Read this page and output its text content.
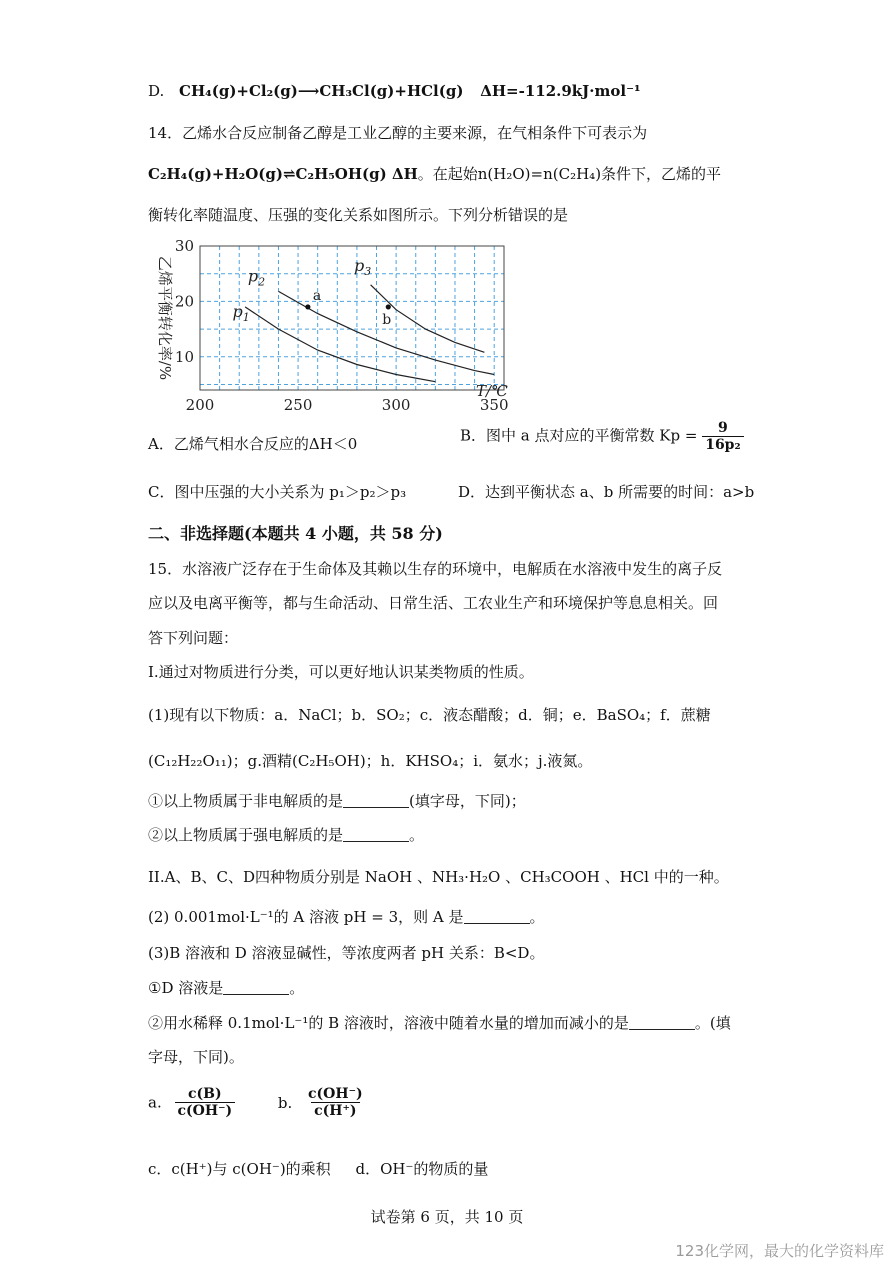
D. CH₄(g)+Cl₂(g)⟶CH₃Cl(g)+HCl(g) ΔH=-112.9kJ·mol⁻¹
14．乙烯水合反应制备乙醇是工业乙醇的主要来源，在气相条件下可表示为
C₂H₄(g)+H₂O(g)⇌C₂H₅OH(g) ΔH。在起始n(H₂O)=n(C₂H₄)条件下，乙烯的平
衡转化率随温度、压强的变化关系如图所示。下列分析错误的是
$p_1$
$p_2$
$p_3$
a
b
200	250	300	350
10
20
30
乙烯平衡转化率/%
T/℃
A．乙烯气相水合反应的ΔH＜0	B．图中 a 点对应的平衡常数 $Kp = \frac{9}{\text{16p₂}}$
C．图中压强的大小关系为 p₁＞p₂＞p₃	D．达到平衡状态 a、b 所需要的时间：a>b
二、非选择题(本题共 4 小题，共 58 分)
15．水溶液广泛存在于生命体及其赖以生存的环境中，电解质在水溶液中发生的离子反
应以及电离平衡等，都与生命活动、日常生活、工农业生产和环境保护等息息相关。回
答下列问题：
I.通过对物质进行分类，可以更好地认识某类物质的性质。
(1)现有以下物质：a．NaCl；b．SO₂；c．液态醋酸；d．铜；e．BaSO₄；f．蔗糖
(C₁₂H₂₂O₁₁)；g.酒精(C₂H₅OH)；h．KHSO₄；i．氨水；j.液氮。
①以上物质属于非电解质的是	(填字母，下同)；
②以上物质属于强电解质的是	。
II.A、B、C、D四种物质分别是 NaOH 、NH₃·H₂O 、CH₃COOH 、HCl 中的一种。
(2) 0.001mol·L⁻¹的 A 溶液 pH = 3，则 A 是	。
(3)B 溶液和 D 溶液显碱性，等浓度两者 pH 关系：B<D。
①D 溶液是	。
②用水稀释 0.1mol·L⁻¹的 B 溶液时，溶液中随着水量的增加而减小的是	。(填
字母，下同)。
a. $\frac{c(B)}{c(OH^-)}$	b. $\frac{c(OH^-)}{c(H^+)}$
c．c(H⁺)与 c(OH⁻)的乘积 d．OH⁻的物质的量
试卷第 6 页，共 10 页
123化学网，最大的化学资料库
